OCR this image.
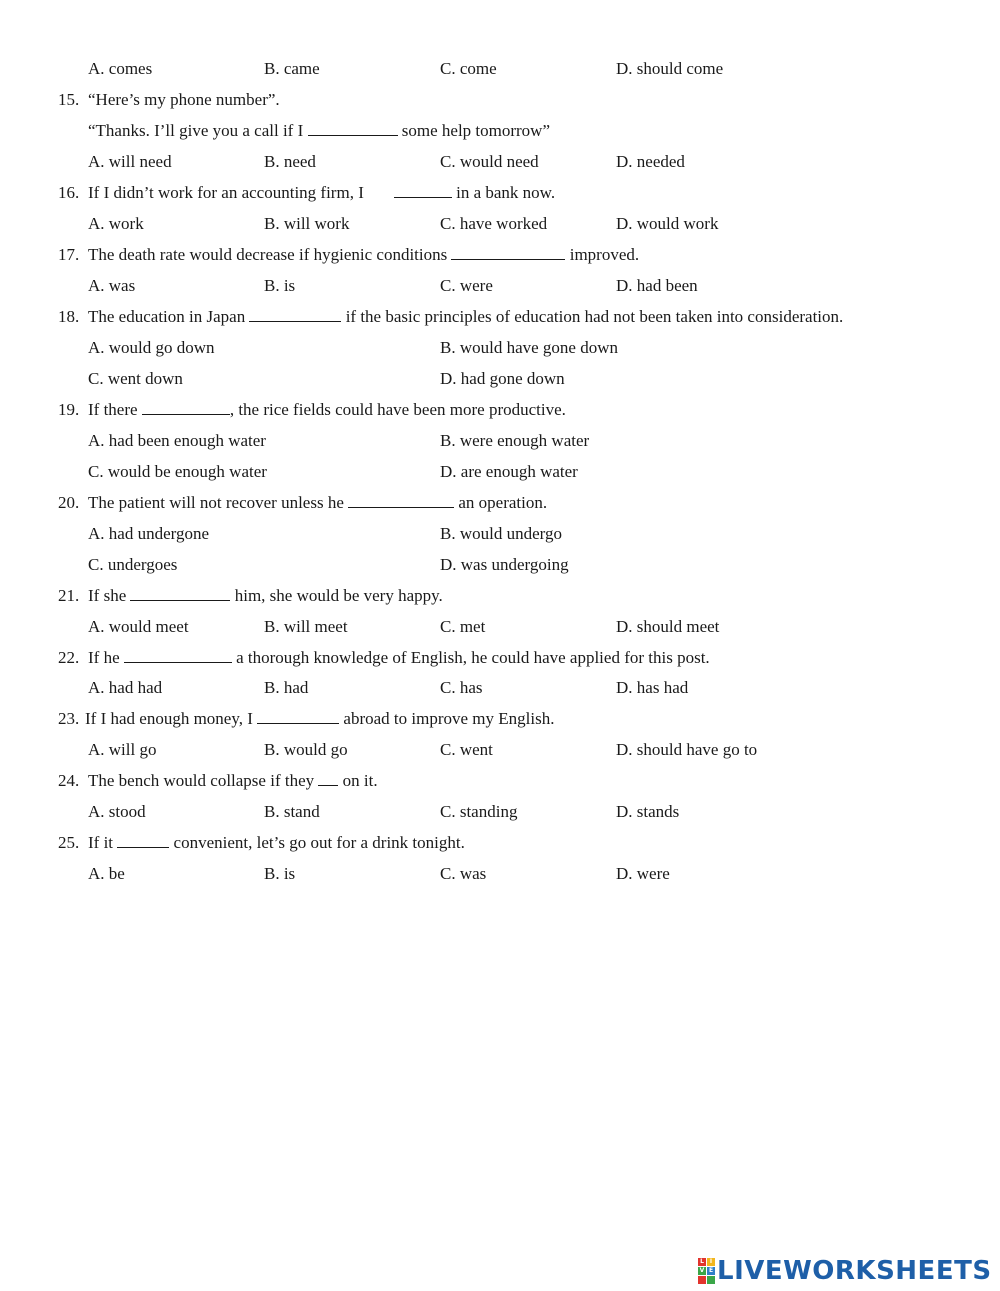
A. comes	B. came	C. come	D. should come
15. “Here’s my phone number”.
“Thanks. I’ll give you a call if I	some help tomorrow”
A. will need	B. need	C. would need	D. needed
16. If I didn’t work for an accounting firm, I	in a bank now.
A. work	B. will work	C. have worked	D. would work
17. The death rate would decrease if hygienic conditions	improved.
A. was	B. is	C. were	D. had been
18. The education in Japan	if the basic principles of education had not been taken into consideration.
A. would go down	B. would have gone down
C. went down	D. had gone down
19. If there	, the rice fields could have been more productive.
A. had been enough water	B. were enough water
C. would be enough water	D. are enough water
20. The patient will not recover unless he	an operation.
A. had undergone	B. would undergo
C. undergoes	D. was undergoing
21. If she	him, she would be very happy.
A. would meet	B. will meet	C. met	D. should meet
22. If he	a thorough knowledge of English, he could have applied for this post.
A. had had	B. had	C. has	D. has had
23. If I had enough money, I	abroad to improve my English.
A. will go	B. would go	C. went	D. should have go to
24. The bench would collapse if they on it.
A. stood	B. stand	C. standing	D. stands
25. If it	convenient, let’s go out for a drink tonight.
A. be	B. is	C. was	D. were
L I
V E LIVEWORKSHEETS
